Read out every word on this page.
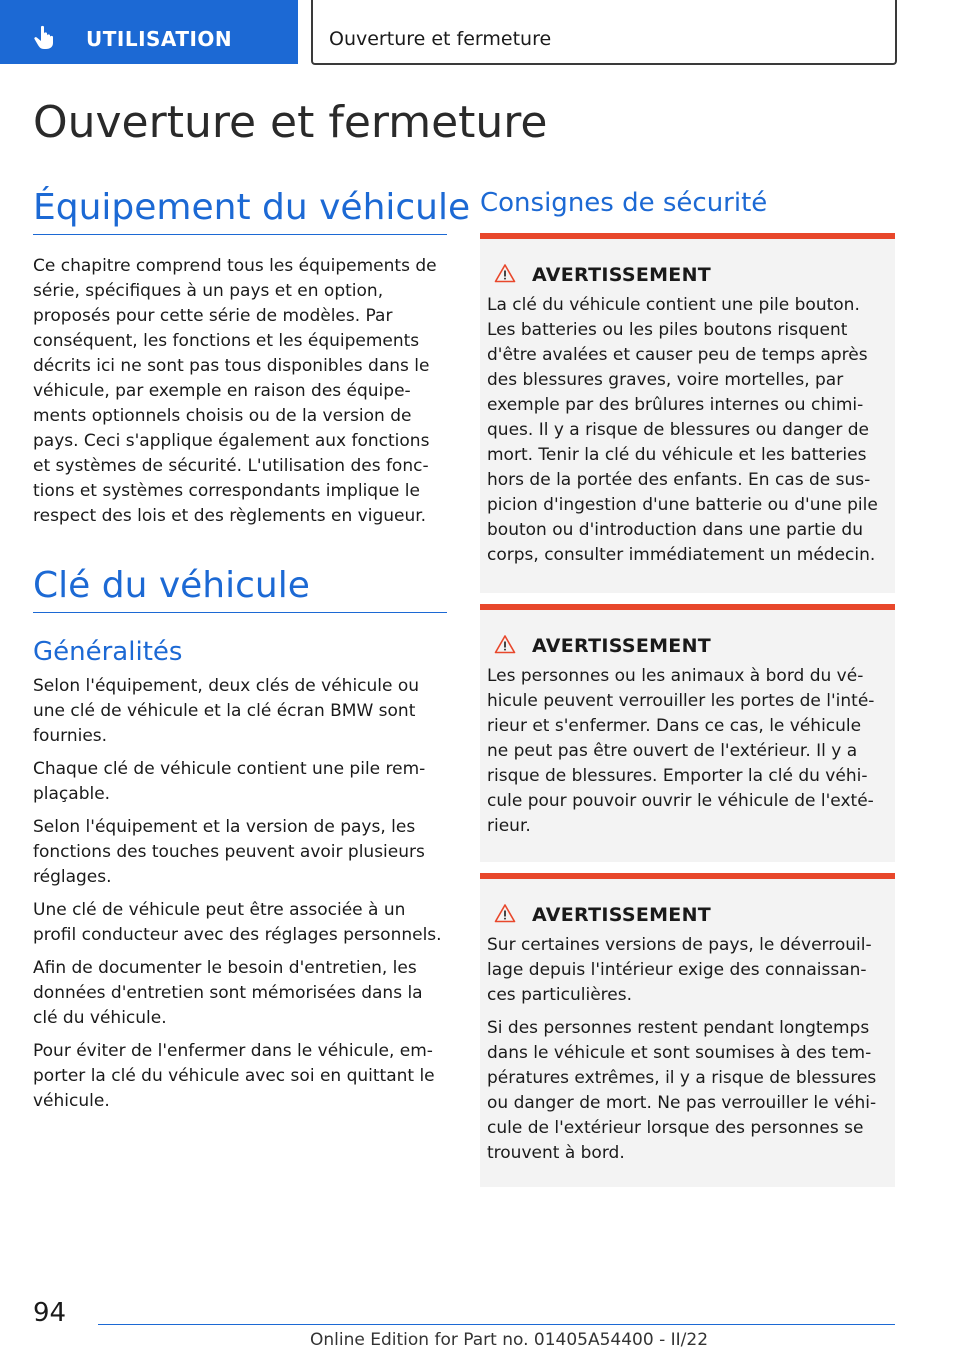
UTILISATION	Ouverture et fermeture
Ouverture et fermeture
Équipement du véhicule

Ce chapitre comprend tous les équipements de série, spécifiques à un pays et en option, proposés pour cette série de modèles. Par conséquent, les fonctions et les équipements décrits ici ne sont pas tous disponibles dans le véhicule, par exemple en raison des équipements optionnels choisis ou de la version de pays. Ceci s'applique également aux fonctions et systèmes de sécurité. L'utilisation des fonctions et systèmes correspondants implique le respect des lois et des règlements en vigueur.

Clé du véhicule
Généralités

Selon l'équipement, deux clés de véhicule ou une clé de véhicule et la clé écran BMW sont fournies.

Chaque clé de véhicule contient une pile remplaçable.

Selon l'équipement et la version de pays, les fonctions des touches peuvent avoir plusieurs réglages.

Une clé de véhicule peut être associée à un profil conducteur avec des réglages personnels.

Afin de documenter le besoin d'entretien, les données d'entretien sont mémorisées dans la clé du véhicule.

Pour éviter de l'enfermer dans le véhicule, emporter la clé du véhicule avec soi en quittant le véhicule.

Consignes de sécurité
AVERTISSEMENT

La clé du véhicule contient une pile bouton. Les batteries ou les piles boutons risquent d'être avalées et causer peu de temps après des blessures graves, voire mortelles, par exemple par des brûlures internes ou chimiques. Il y a risque de blessures ou danger de mort. Tenir la clé du véhicule et les batteries hors de la portée des enfants. En cas de suspicion d'ingestion d'une batterie ou d'une pile bouton ou d'introduction dans une partie du corps, consulter immédiatement un médecin.

AVERTISSEMENT

Les personnes ou les animaux à bord du véhicule peuvent verrouiller les portes de l'intérieur et s'enfermer. Dans ce cas, le véhicule ne peut pas être ouvert de l'extérieur. Il y a risque de blessures. Emporter la clé du véhicule pour pouvoir ouvrir le véhicule de l'extérieur.

AVERTISSEMENT

Sur certaines versions de pays, le déverrouillage depuis l'intérieur exige des connaissances particulières.

Si des personnes restent pendant longtemps dans le véhicule et sont soumises à des températures extrêmes, il y a risque de blessures ou danger de mort. Ne pas verrouiller le véhicule de l'extérieur lorsque des personnes se trouvent à bord.

94
Online Edition for Part no. 01405A54400 - II/22
